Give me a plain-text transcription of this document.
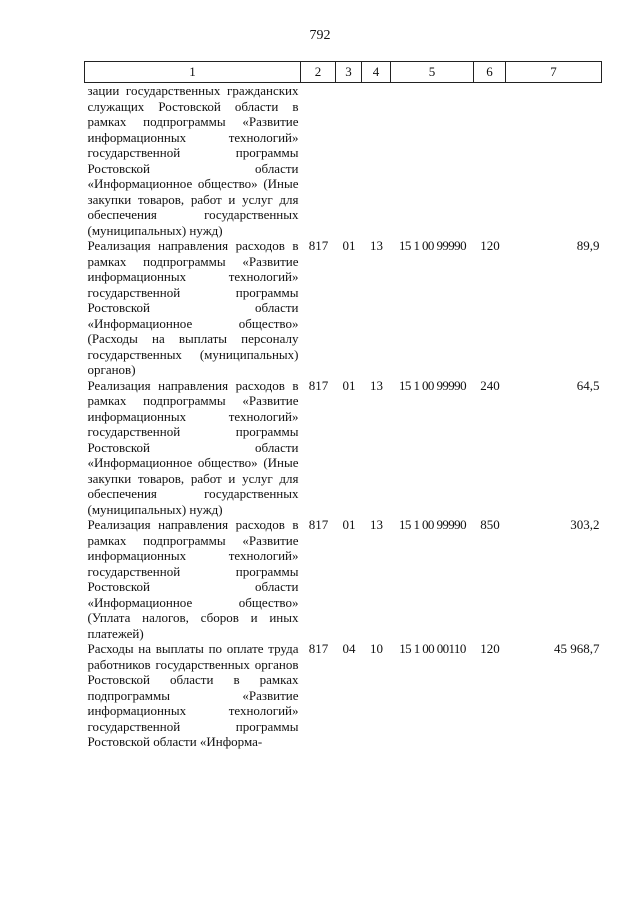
792
1	2	3	4	5	6	7
зации государственных гражданских служащих Ростовской области в рамках подпрограммы «Развитие информационных технологий» государственной программы Ростовской области «Информационное общество» (Иные закупки товаров, работ и услуг для обеспечения государственных (муниципальных) нужд)						
Реализация направления расходов в рамках подпрограммы «Развитие информационных технологий» государственной программы Ростовской области «Информационное общество» (Расходы на выплаты персоналу государственных (муниципальных) органов)	817	01	13	15 1 00 99990	120	89,9
Реализация направления расходов в рамках подпрограммы «Развитие информационных технологий» государственной программы Ростовской области «Информационное общество» (Иные закупки товаров, работ и услуг для обеспечения государственных (муниципальных) нужд)	817	01	13	15 1 00 99990	240	64,5
Реализация направления расходов в рамках подпрограммы «Развитие информационных технологий» государственной программы Ростовской области «Информационное общество» (Уплата налогов, сборов и иных платежей)	817	01	13	15 1 00 99990	850	303,2
Расходы на выплаты по оплате труда работников государственных органов Ростовской области в рамках подпрограммы «Развитие информационных технологий» государственной программы Ростовской области «Информа-	817	04	10	15 1 00 00110	120	45 968,7
